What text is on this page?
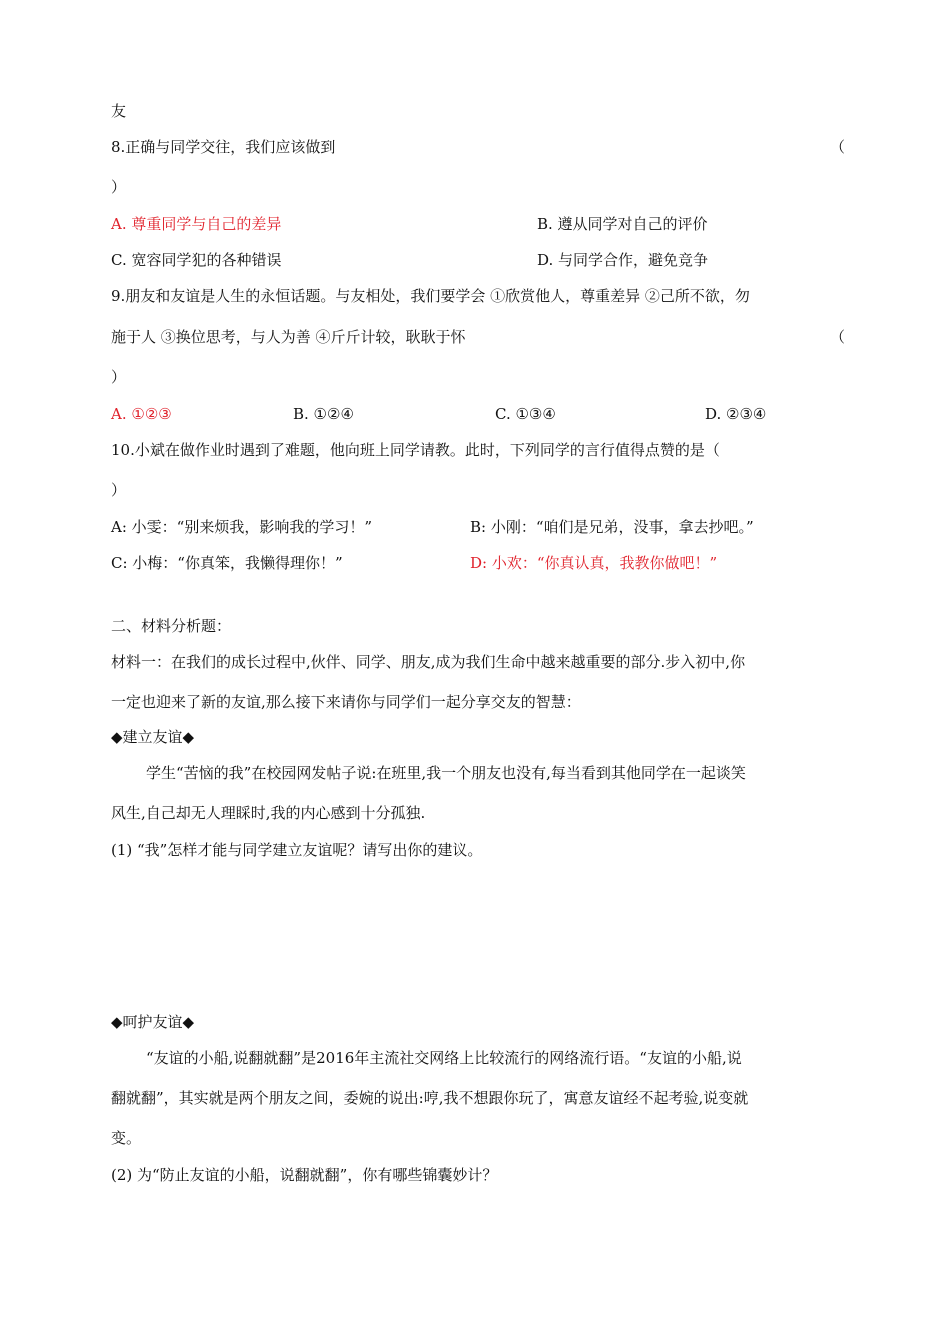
友
8.正确与同学交往，我们应该做到	（
）
A. 尊重同学与自己的差异	B. 遵从同学对自己的评价
C. 宽容同学犯的各种错误	D. 与同学合作，避免竞争
9.朋友和友谊是人生的永恒话题。与友相处，我们要学会 ①欣赏他人，尊重差异 ②己所不欲，勿
施于人 ③换位思考，与人为善 ④斤斤计较，耿耿于怀	（
）
A. ①②③	B. ①②④	C. ①③④	D. ②③④
10.小斌在做作业时遇到了难题，他向班上同学请教。此时，下列同学的言行值得点赞的是（
）
A: 小雯：“别来烦我，影响我的学习！”	B: 小刚：“咱们是兄弟，没事，拿去抄吧。”
C: 小梅：“你真笨，我懒得理你！”	D: 小欢：“你真认真，我教你做吧！”
二、材料分析题：
材料一：在我们的成长过程中,伙伴、同学、朋友,成为我们生命中越来越重要的部分.步入初中,你
一定也迎来了新的友谊,那么接下来请你与同学们一起分享交友的智慧：
◆建立友谊◆
学生“苦恼的我”在校园网发帖子说:在班里,我一个朋友也没有,每当看到其他同学在一起谈笑
风生,自己却无人理睬时,我的内心感到十分孤独.
(1) “我”怎样才能与同学建立友谊呢？请写出你的建议。
◆呵护友谊◆
“友谊的小船,说翻就翻”是2016年主流社交网络上比较流行的网络流行语。“友谊的小船,说
翻就翻”，其实就是两个朋友之间，委婉的说出:哼,我不想跟你玩了，寓意友谊经不起考验,说变就
变。
(2) 为“防止友谊的小船，说翻就翻”，你有哪些锦囊妙计？
